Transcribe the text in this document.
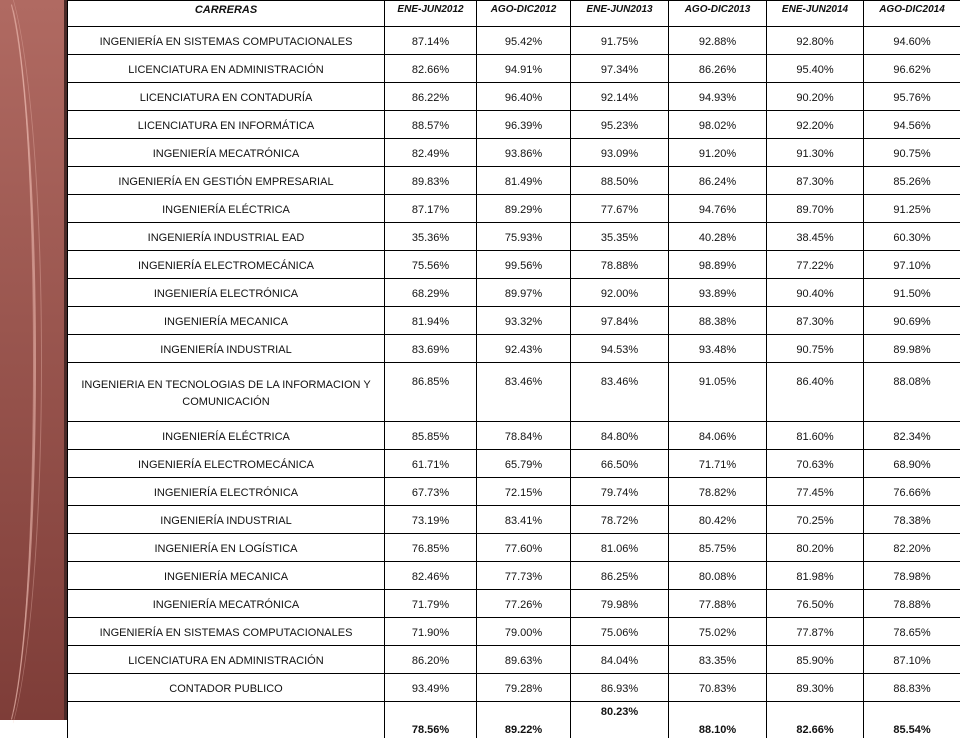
CARRERAS	ENE-JUN2012	AGO-DIC2012	ENE-JUN2013	AGO-DIC2013	ENE-JUN2014	AGO-DIC2014
INGENIERÍA EN SISTEMAS COMPUTACIONALES	87.14%	95.42%	91.75%	92.88%	92.80%	94.60%
LICENCIATURA EN ADMINISTRACIÓN	82.66%	94.91%	97.34%	86.26%	95.40%	96.62%
LICENCIATURA EN CONTADURÍA	86.22%	96.40%	92.14%	94.93%	90.20%	95.76%
LICENCIATURA EN INFORMÁTICA	88.57%	96.39%	95.23%	98.02%	92.20%	94.56%
INGENIERÍA MECATRÓNICA	82.49%	93.86%	93.09%	91.20%	91.30%	90.75%
INGENIERÍA EN GESTIÓN EMPRESARIAL	89.83%	81.49%	88.50%	86.24%	87.30%	85.26%
INGENIERÍA ELÉCTRICA	87.17%	89.29%	77.67%	94.76%	89.70%	91.25%
INGENIERÍA INDUSTRIAL EAD	35.36%	75.93%	35.35%	40.28%	38.45%	60.30%
INGENIERÍA ELECTROMECÁNICA	75.56%	99.56%	78.88%	98.89%	77.22%	97.10%
INGENIERÍA ELECTRÓNICA	68.29%	89.97%	92.00%	93.89%	90.40%	91.50%
INGENIERÍA MECANICA	81.94%	93.32%	97.84%	88.38%	87.30%	90.69%
INGENIERÍA INDUSTRIAL	83.69%	92.43%	94.53%	93.48%	90.75%	89.98%
INGENIERIA EN TECNOLOGIAS DE LA INFORMACION Y COMUNICACIÓN	86.85%	83.46%	83.46%	91.05%	86.40%	88.08%
INGENIERÍA ELÉCTRICA	85.85%	78.84%	84.80%	84.06%	81.60%	82.34%
INGENIERÍA ELECTROMECÁNICA	61.71%	65.79%	66.50%	71.71%	70.63%	68.90%
INGENIERÍA ELECTRÓNICA	67.73%	72.15%	79.74%	78.82%	77.45%	76.66%
INGENIERÍA INDUSTRIAL	73.19%	83.41%	78.72%	80.42%	70.25%	78.38%
INGENIERÍA EN LOGÍSTICA	76.85%	77.60%	81.06%	85.75%	80.20%	82.20%
INGENIERÍA MECANICA	82.46%	77.73%	86.25%	80.08%	81.98%	78.98%
INGENIERÍA MECATRÓNICA	71.79%	77.26%	79.98%	77.88%	76.50%	78.88%
INGENIERÍA EN SISTEMAS COMPUTACIONALES	71.90%	79.00%	75.06%	75.02%	77.87%	78.65%
LICENCIATURA EN ADMINISTRACIÓN	86.20%	89.63%	84.04%	83.35%	85.90%	87.10%
CONTADOR PUBLICO	93.49%	79.28%	86.93%	70.83%	89.30%	88.83%
	78.56%	89.22%	80.23%	88.10%	82.66%	85.54%
